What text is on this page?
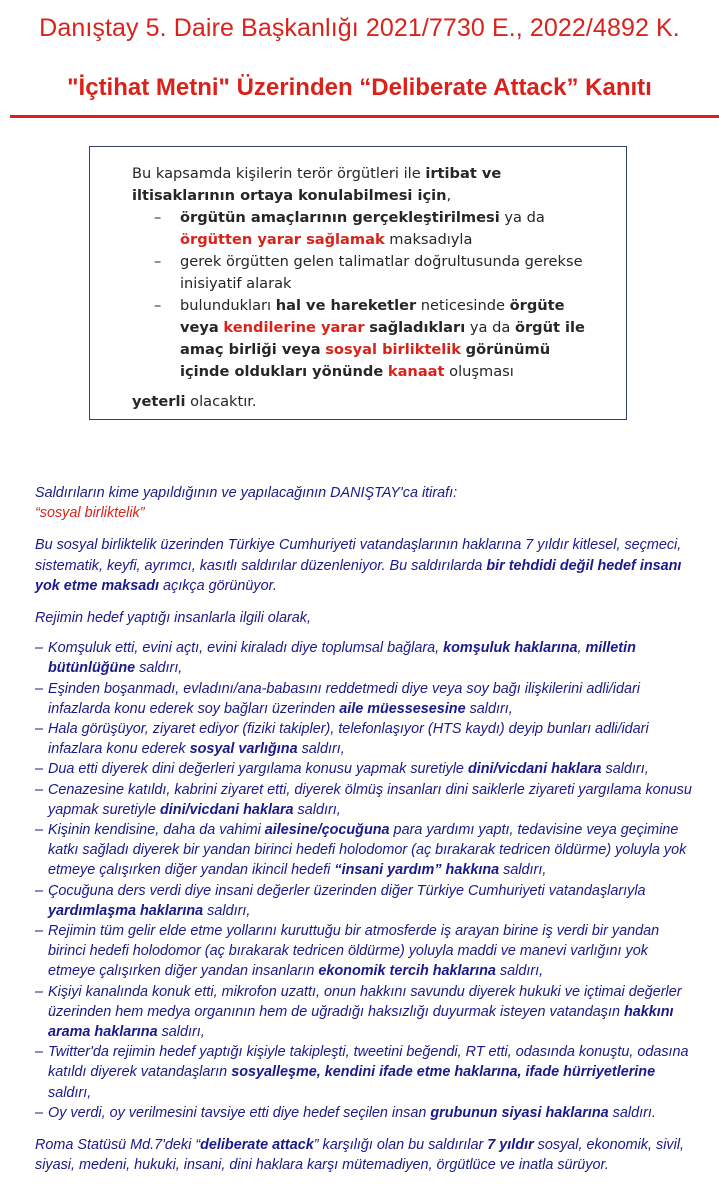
Danıştay 5. Daire Başkanlığı 2021/7730 E., 2022/4892 K.
"İçtihat Metni" Üzerinden “Deliberate Attack” Kanıtı

Bu kapsamda kişilerin terör örgütleri ile irtibat ve iltisaklarının ortaya konulabilmesi için,

– örgütün amaçlarının gerçekleştirilmesi ya da örgütten yarar sağlamak maksadıyla

– gerek örgütten gelen talimatlar doğrultusunda gerekse inisiyatif alarak

– bulundukları hal ve hareketler neticesinde örgüte veya kendilerine yarar sağladıkları ya da örgüt ile amaç birliği veya sosyal birliktelik görünümü içinde oldukları yönünde kanaat oluşması

yeterli olacaktır.

Saldırıların kime yapıldığının ve yapılacağının DANIŞTAY'ca itirafı:

“sosyal birliktelik”

Bu sosyal birliktelik üzerinden Türkiye Cumhuriyeti vatandaşlarının haklarına 7 yıldır kitlesel, seçmeci, sistematik, keyfi, ayrımcı, kasıtlı saldırılar düzenleniyor. Bu saldırılarda bir tehdidi değil hedef insanı yok etme maksadı açıkça görünüyor.

Rejimin hedef yaptığı insanlarla ilgili olarak,

– Komşuluk etti, evini açtı, evini kiraladı diye toplumsal bağlara, komşuluk haklarına, milletin bütünlüğüne saldırı,

– Eşinden boşanmadı, evladını/ana-babasını reddetmedi diye veya soy bağı ilişkilerini adli/idari infazlarda konu ederek soy bağları üzerinden aile müessesesine saldırı,

– Hala görüşüyor, ziyaret ediyor (fiziki takipler), telefonlaşıyor (HTS kaydı) deyip bunları adli/idari infazlara konu ederek sosyal varlığına saldırı,

– Dua etti diyerek dini değerleri yargılama konusu yapmak suretiyle dini/vicdani haklara saldırı,

– Cenazesine katıldı, kabrini ziyaret etti, diyerek ölmüş insanları dini saiklerle ziyareti yargılama konusu yapmak suretiyle dini/vicdani haklara saldırı,

– Kişinin kendisine, daha da vahimi ailesine/çocuğuna para yardımı yaptı, tedavisine veya geçimine katkı sağladı diyerek bir yandan birinci hedefi holodomor (aç bırakarak tedricen öldürme) yoluyla yok etmeye çalışırken diğer yandan ikincil hedefi “insani yardım” hakkına saldırı,

– Çocuğuna ders verdi diye insani değerler üzerinden diğer Türkiye Cumhuriyeti vatandaşlarıyla yardımlaşma haklarına saldırı,

– Rejimin tüm gelir elde etme yollarını kuruttuğu bir atmosferde iş arayan birine iş verdi bir yandan birinci hedefi holodomor (aç bırakarak tedricen öldürme) yoluyla maddi ve manevi varlığını yok etmeye çalışırken diğer yandan insanların ekonomik tercih haklarına saldırı,

– Kişiyi kanalında konuk etti, mikrofon uzattı, onun hakkını savundu diyerek hukuki ve içtimai değerler üzerinden hem medya organının hem de uğradığı haksızlığı duyurmak isteyen vatandaşın hakkını arama haklarına saldırı,

– Twitter'da rejimin hedef yaptığı kişiyle takipleşti, tweetini beğendi, RT etti, odasında konuştu, odasına katıldı diyerek vatandaşların sosyalleşme, kendini ifade etme haklarına, ifade hürriyetlerine saldırı,

– Oy verdi, oy verilmesini tavsiye etti diye hedef seçilen insan grubunun siyasi haklarına saldırı.

Roma Statüsü Md.7'deki “deliberate attack” karşılığı olan bu saldırılar 7 yıldır sosyal, ekonomik, sivil, siyasi, medeni, hukuki, insani, dini haklara karşı mütemadiyen, örgütlüce ve inatla sürüyor.
